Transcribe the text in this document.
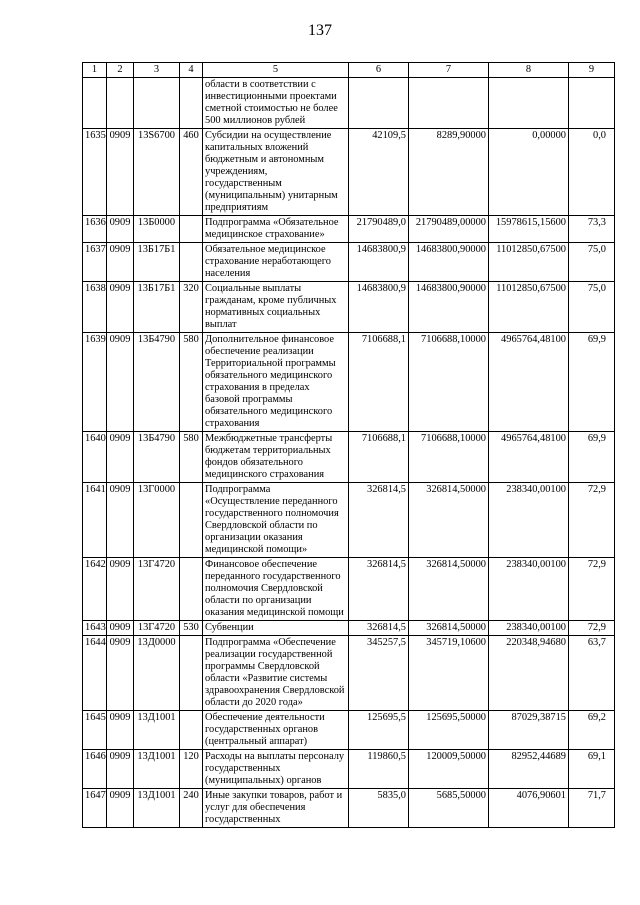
137
1	2	3	4	5	6	7	8	9
				области в соответствии с инвестиционными проектами сметной стоимостью не более 500 миллионов рублей				
1635	0909	13S6700	460	Субсидии на осуществление капитальных вложений бюджетным и автономным учреждениям, государственным (муниципальным) унитарным предприятиям	42109,5	8289,90000	0,00000	0,0
1636	0909	13Б0000		Подпрограмма «Обязательное медицинское страхование»	21790489,0	21790489,00000	15978615,15600	73,3
1637	0909	13Б17Б1		Обязательное медицинское страхование неработающего населения	14683800,9	14683800,90000	11012850,67500	75,0
1638	0909	13Б17Б1	320	Социальные выплаты гражданам, кроме публичных нормативных социальных выплат	14683800,9	14683800,90000	11012850,67500	75,0
1639	0909	13Б4790	580	Дополнительное финансовое обеспечение реализации Территориальной программы обязательного медицинского страхования в пределах базовой программы обязательного медицинского страхования	7106688,1	7106688,10000	4965764,48100	69,9
1640	0909	13Б4790	580	Межбюджетные трансферты бюджетам территориальных фондов обязательного медицинского страхования	7106688,1	7106688,10000	4965764,48100	69,9
1641	0909	13Г0000		Подпрограмма «Осуществление переданного государственного полномочия Свердловской области по организации оказания медицинской помощи»	326814,5	326814,50000	238340,00100	72,9
1642	0909	13Г4720		Финансовое обеспечение переданного государственного полномочия Свердловской области по организации оказания медицинской помощи	326814,5	326814,50000	238340,00100	72,9
1643	0909	13Г4720	530	Субвенции	326814,5	326814,50000	238340,00100	72,9
1644	0909	13Д0000		Подпрограмма «Обеспечение реализации государственной программы Свердловской области «Развитие системы здравоохранения Свердловской области до 2020 года»	345257,5	345719,10600	220348,94680	63,7
1645	0909	13Д1001		Обеспечение деятельности государственных органов (центральный аппарат)	125695,5	125695,50000	87029,38715	69,2
1646	0909	13Д1001	120	Расходы на выплаты персоналу государственных (муниципальных) органов	119860,5	120009,50000	82952,44689	69,1
1647	0909	13Д1001	240	Иные закупки товаров, работ и услуг для обеспечения государственных	5835,0	5685,50000	4076,90601	71,7
